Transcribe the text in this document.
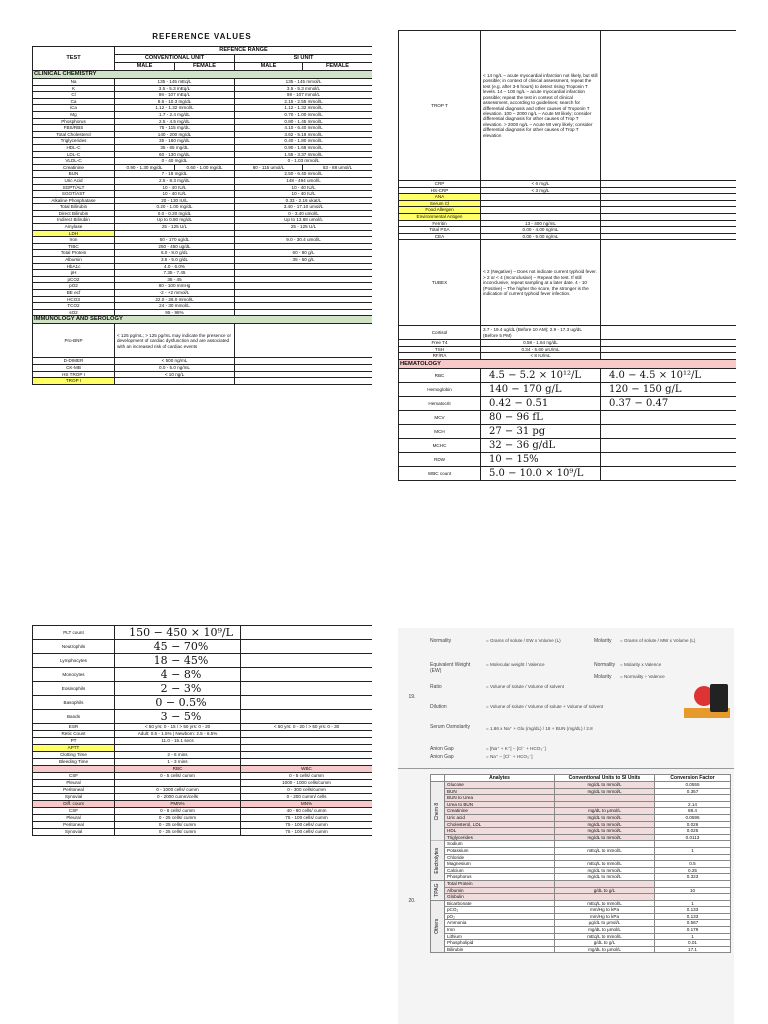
REFERENCE VALUES
TEST	REFENCE RANGE			
	CONVENTIONAL UNIT		SI UNIT	
	MALE	FEMALE	MALE	FEMALE
CLINICAL CHEMISTRY				
Na	135 - 145 mEq/L		135 - 145 mmol/L	
K	3.5 - 5.3 mEq/L		3.5 - 5.3 mmol/L	
Cl	98 - 107 mEq/L		98 - 107 mmol/L	
Ca	8.6 - 10.3 mg/dL		2.15 - 2.55 mmol/L	
iCa	1.12 - 1.32 mmol/L		1.12 - 1.32 mmol/L	
Mg	1.7 - 2.4 mg/dL		0.70 - 1.00 mmol/L	
Phosphorus	2.5 - 4.5 mg/dL		0.80 - 1.45 mmol/L	
FBS/RBS	75 - 115 mg/dL		4.10 - 6.40 mmol/L	
Total Cholesterol	140 - 200 mg/dL		3.62 - 5.18 mmol/L	
Triglycerides	35 - 160 mg/dL		0.40 - 1.80 mmol/L	
HDL-C	35 - 65 mg/dL		0.90 - 1.68 mmol/L	
LDL-C	60 - 130 mg/dL		1.55 - 3.37 mmol/L	
VLDL-C	0 - 40 mg/dL		0 - 1.03 mmol/L	
Creatinine	0.90 - 1.30 mg/dL	0.60 - 1.00 mg/dL	80 - 115 umol/L	53 - 88 umol/L
BUN	7 - 18 mg/dL		2.50 - 6.40 mmol/L	
Uric Acid	2.5 - 8.3 mg/dL		148 - 494 umol/L	
SGPT/ALT	10 - 40 IU/L		10 - 40 IU/L	
SGOT/AST	10 - 40 IU/L		10 - 40 IU/L	
Alkaline Phosphatase	20 - 130 IU/L		0.33 - 2.16 ukat/L	
Total Bilirubin	0.20 - 1.00 mg/dL		3.40 - 17.10 umol/L	
Direct Bilirubin	0.0 - 0.20 mg/dL		0 - 3.40 umol/L	
Indirect Bilirubin	Up to 0.80 mg/dL		Up to 13.68 umol/L	
Amylase	25 - 125 U/L		25 - 125 U/L	
LDH				
Iron	50 - 170 ug/dL		9.0 - 30.4 umol/L	
TIBC	250 - 450 ug/dL			
Total Protein	6.0 - 8.0 g/dL		60 - 80 g/L	
Albumin	3.5 - 5.0 g/dL		35 - 50 g/L	
HbA1c	4.0 - 6.0%			
pH	7.35 - 7.45			
pCO2	35 - 45			
pO2	80 - 100 mmHg			
BE ecf	-2 - +2 mmol/L			
HCO3	22.0 - 26.0 mmol/L			
TCO2	24 - 30 mmol/L			
sO2	95 - 98%			
IMMUNOLOGY AND SEROLOGY				
Pro-BNP	< 125 pg/mL; > 125 pg/mL may indicate the presence or development of cardiac dysfunction and are associated with an increased risk of cardiac events			
D-DIMER	< 500 ng/mL			
CK-MB	0.0 - 5.0 ng/mL			
HS TROP I	< 10 ng/L			
TROP I				
TROP T	< 14 ng/L – acute myocardial infarction not likely, but still possible; in context of clinical assessment, repeat the test (e.g. after 3-6 hours) to detect rising Troponin T levels. 14 – 100 ng/L – acute myocardial infarction possible; repeat the test in context of clinical assessment, according to guidelines; search for differential diagnosis and other causes of Troponin T elevation. 100 – 2000 ng/L – Acute MI likely; consider differential diagnosis for other causes of Trop T elevation. > 2000 ng/L – Acute MI very likely; consider differential diagnosis for other causes of Trop T elevation	
CRP	< 6 mg/L	
HS-CRP	< 3 mg/L	
ANA		
Serum Cl		
Food Allergen		
Environmental Antigen		
Ferritin	13 - 400 ng/mL	
Total PSA	0.00 - 4.00 ng/mL	
CEA	0.00 - 5.00 ng/mL	
TUBEX	< 2 (Negative) – Does not indicate current typhoid fever. > 2 or < 4 (Inconclusive) – Repeat the test. If still inconclusive, repeat sampling at a later date. 4 - 10 (Positive) – The higher the score, the stronger is the indication of current typhoid fever infection.	
Cortisol	3.7 - 19.4 ug/dL (Before 10 AM); 2.9 - 17.3 ug/dL (Before 5 PM)	
Free T4	0.58 - 1.64 ng/dL	
TSH	0.34 - 5.60 uIU/mL	
RF/RA	< 8 IU/mL	
HEMATOLOGY		
RBC	4.5 − 5.2 × 10¹²/L	4.0 − 4.5 × 10¹²/L
Hemoglobin	140 − 170 g/L	120 − 150 g/L
Hematocrit	0.42 − 0.51	0.37 − 0.47
MCV	80 − 96 fL	
MCH	27 − 31 pg	
MCHC	32 − 36 g/dL	
RDW	10 − 15%	
WBC count	5.0 − 10.0 × 10⁹/L	
PLT count	150 − 450 × 10⁹/L	
Neutrophils	45 − 70%	
Lymphocytes	18 − 45%	
Monocytes	4 − 8%	
Eosinophils	2 − 3%	
Basophils	0 − 0.5%	
Bands	3 − 5%	
ESR	< 50 yrs: 0 - 15 / > 50 yrs: 0 - 20	< 50 yrs: 0 - 20 / > 50 yrs: 0 - 30
Retic Count	Adult: 0.5 - 1.5% | Newborn: 2.5 - 6.5%	
PT	11.0 - 15.1 secs	
APTT		
Clotting Time	2 - 6 mins	
Bleeding Time	1 - 3 mins	
	RBC	WBC
CSF	0 - 5 cells/ cumm	0 - 5 cells/ cumm
Pleural		1000 - 1000 cells/cumm
Peritoneal	0 - 1000 cells/ cumm	0 - 300 cells/cumm
Synovial	0 - 2000 cumm/cells	0 - 200 cumm/ cells
Diff. count	PMN%	MN%
CSF	0 - 6 cells/ cumm	40 - 80 cells/ cumm
Pleural	0 - 25 cells/ cumm	75 - 100 cells/ cumm
Peritoneal	0 - 25 cells/ cumm	75 - 100 cells/ cumm
Synovial	0 - 25 cells/ cumm	75 - 100 cells/ cumm
19.
Normality	= Grams of solute / EW x Volume (L)	Molarity = Grams of solute / MW x Volume (L)
Equivalent Weight (EW)
= Molecular weight / Valence	Normality = Molarity x Valence
Molarity = Normality ÷ Valence
Ratio	= Volume of solute / Volume of solvent
Dilution	= Volume of solute / Volume of solute + Volume of solvent
Serum Osmolarity	= 1.86 x Na⁺ + Glu (mg/dL) / 18 + BUN (mg/dL) / 2.8
Anion Gap	= [Na⁺ + K⁺] − [Cl⁻ + HCO₃⁻]
Anion Gap	= Na⁺ − [Cl⁻ + HCO₃⁻]
20.
	Analytes	Conventional Units to SI Units	Conversion Factor
Chem 8	Glucose	mg/dL to mmol/L	0.0555
	BUN	mg/dL to mmol/L	0.357
	BUN to Urea		
	Urea to BUN		2.14
	Creatinine	mg/dL to μmol/L	88.4
	Uric acid	mg/dL to mmol/L	0.0595
	Cholesterol, LDL	mg/dL to mmol/L	0.026
	HDL	mg/dL to mmol/L	0.025
	Triglycerides	mg/dL to mmol/L	0.0113
Electrolytes	Sodium		
	Potassium	mEq/L to mmol/L	1
	Chloride		
	Magnesium	mEq/L to mmol/L	0.5
	Calcium	mg/dL to mmol/L	0.25
	Phosphorus	mg/dL to mmol/L	0.323
TPAG	Total Protein		
	Albumin	g/dL to g/L	10
	Globulin		
Others	Bicarbonate	mEq/L to mmol/L	1
	pCO₂	mm/Hg to kPa	0.133
	pO₂	mm/Hg to kPa	0.133
	Ammonia	μg/dL to μmol/L	0.587
	Iron	mg/dL to μmol/L	0.179
	Lithium	mEq/L to mmol/L	1
	Phospholipid	g/dL to g/L	0.01
	Bilirubin	mg/dL to μmol/L	17.1
